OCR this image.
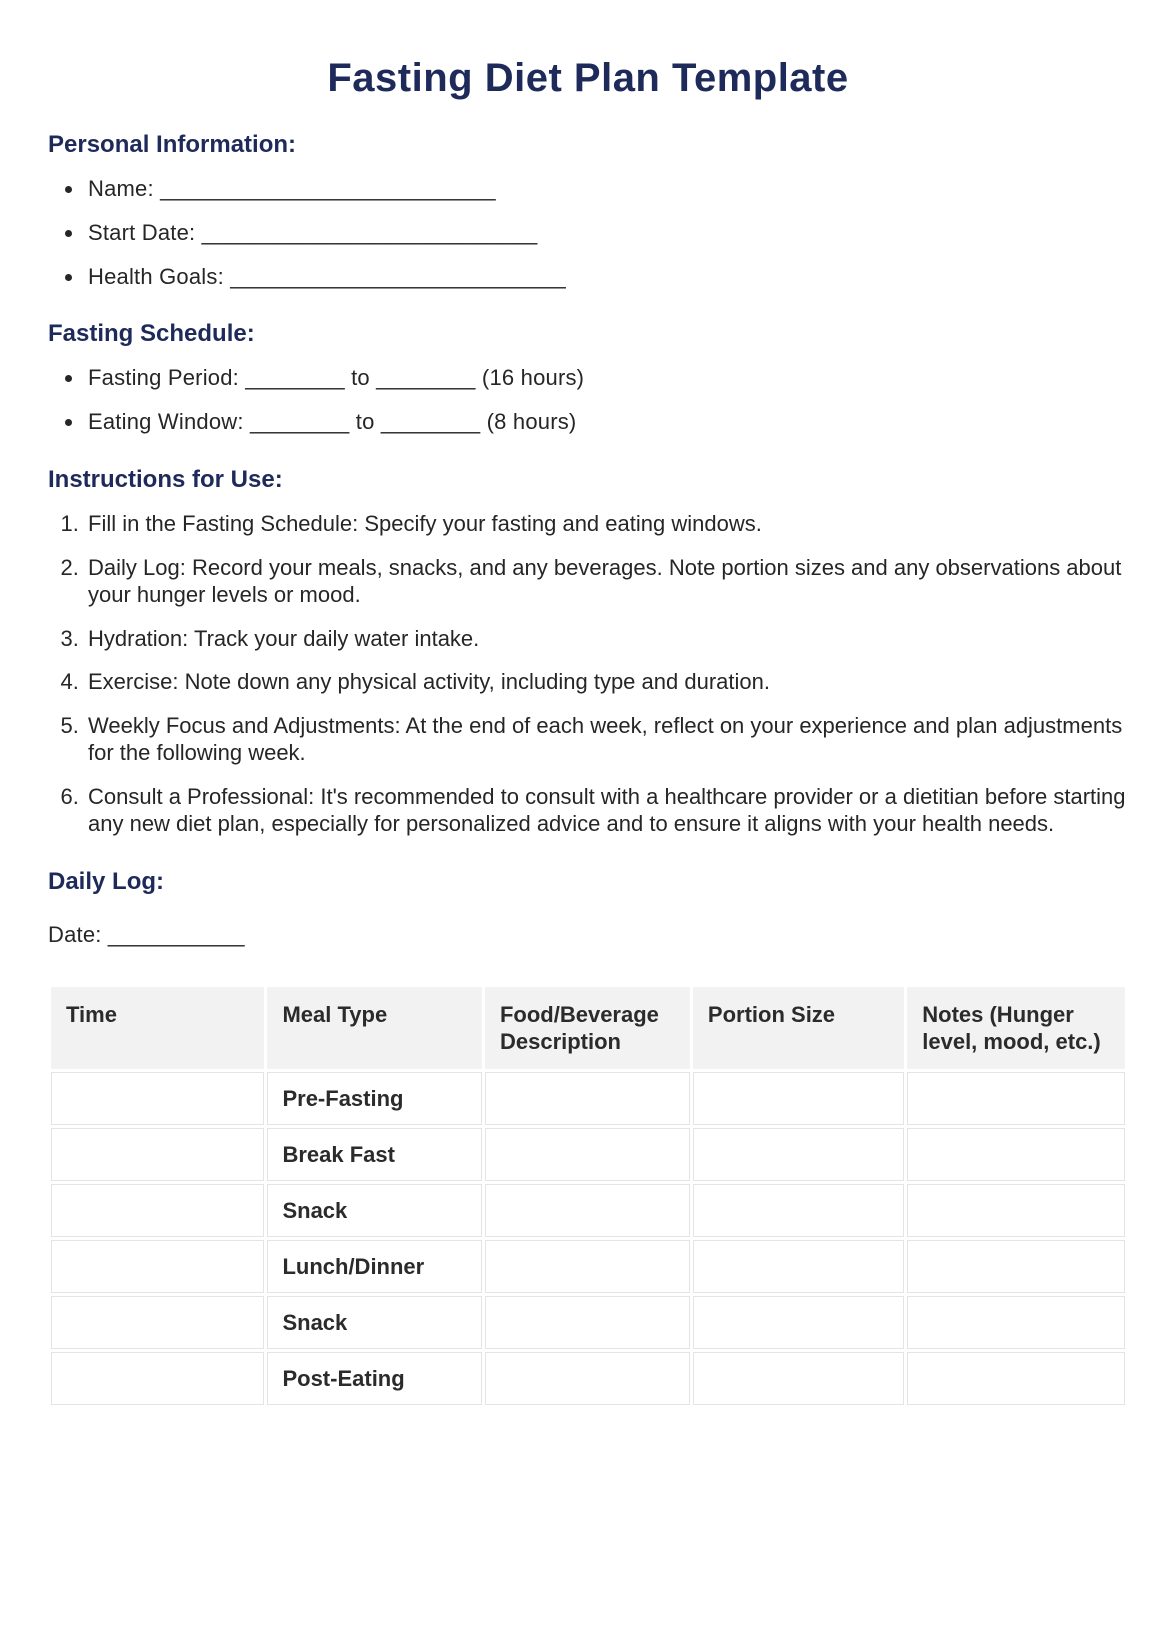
Fasting Diet Plan Template
Personal Information:
• Name: ___________________________
• Start Date: ___________________________
• Health Goals: ___________________________
Fasting Schedule:
• Fasting Period: ________ to ________ (16 hours)
• Eating Window: ________ to ________ (8 hours)
Instructions for Use:
1. Fill in the Fasting Schedule: Specify your fasting and eating windows.
2. Daily Log: Record your meals, snacks, and any beverages. Note portion sizes and any observations about your hunger levels or mood.
3. Hydration: Track your daily water intake.
4. Exercise: Note down any physical activity, including type and duration.
5. Weekly Focus and Adjustments: At the end of each week, reflect on your experience and plan adjustments for the following week.
6. Consult a Professional: It's recommended to consult with a healthcare provider or a dietitian before starting any new diet plan, especially for personalized advice and to ensure it aligns with your health needs.
Daily Log:

Date: ___________

Time	Meal Type	Food/Beverage Description	Portion Size	Notes (Hunger level, mood, etc.)
	Pre-Fasting			
	Break Fast			
	Snack			
	Lunch/Dinner			
	Snack			
	Post-Eating			
